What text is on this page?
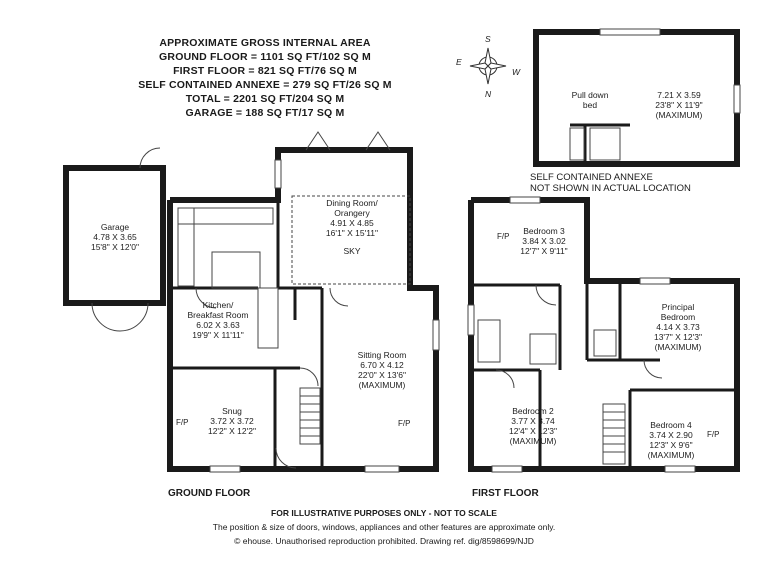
APPROXIMATE GROSS INTERNAL AREA
GROUND FLOOR = 1101 SQ FT/102 SQ M
FIRST FLOOR = 821 SQ FT/76 SQ M
SELF CONTAINED ANNEXE = 279 SQ FT/26 SQ M
TOTAL = 2201 SQ FT/204 SQ M
GARAGE = 188 SQ FT/17 SQ M
Pull down
bed
7.21 X 3.59
23'8" X 11'9"
(MAXIMUM)
SELF CONTAINED ANNEXE
NOT SHOWN IN ACTUAL LOCATION
S
N
E
W
Garage
4.78 X 3.65
15'8" X 12'0"
Dining Room/
Orangery
4.91 X 4.85
16'1" X 15'11"
SKY
Kitchen/
Breakfast Room
6.02 X 3.63
19'9" X 11'11"
Sitting Room
6.70 X 4.12
22'0" X 13'6"
(MAXIMUM)
Snug
3.72 X 3.72
12'2" X 12'2"
F/P	F/P
Bedroom 3
3.84 X 3.02
12'7" X 9'11"
F/P
Principal
Bedroom
4.14 X 3.73
13'7" X 12'3"
(MAXIMUM)
Bedroom 2
3.77 X 3.74
12'4" X 12'3"
(MAXIMUM)
Bedroom 4
3.74 X 2.90
12'3" X 9'6"
(MAXIMUM)
F/P
GROUND FLOOR	FIRST FLOOR
FOR ILLUSTRATIVE PURPOSES ONLY - NOT TO SCALE
The position & size of doors, windows, appliances and other features are approximate only.
© ehouse. Unauthorised reproduction prohibited. Drawing ref. dig/8598699/NJD
